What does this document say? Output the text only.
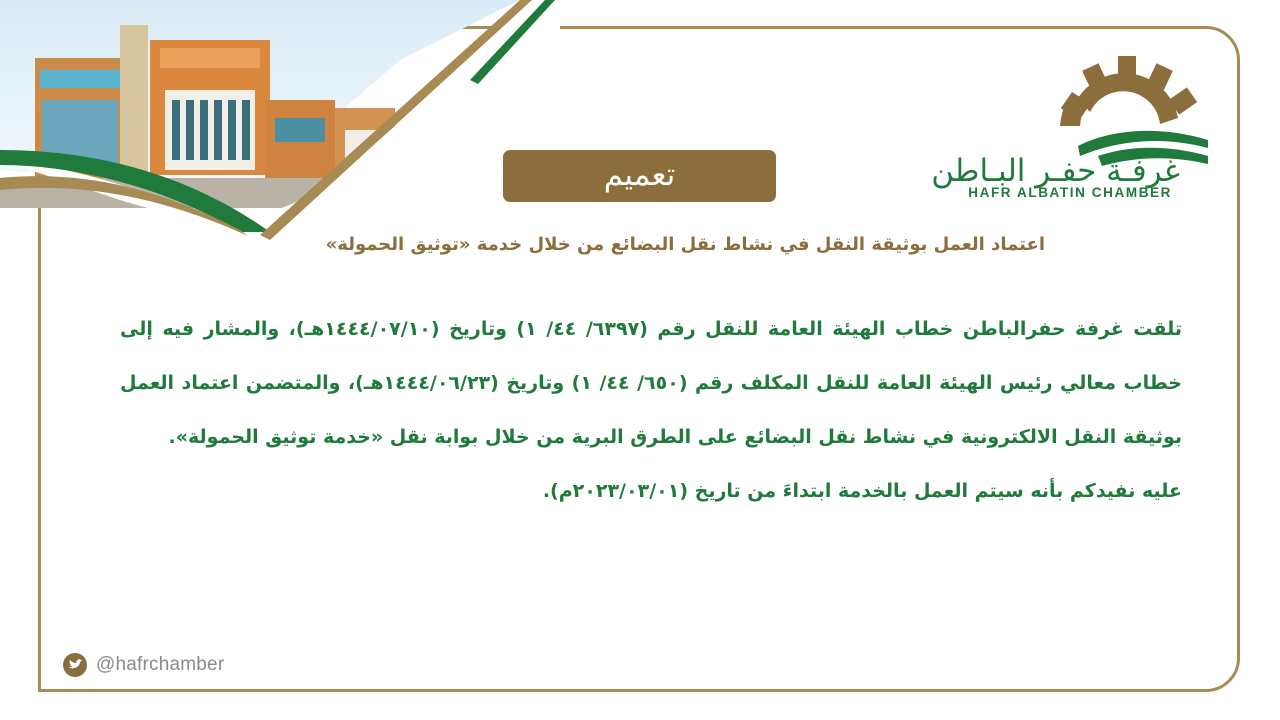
غرفـة حفـر البـاطن
HAFR ALBATIN CHAMBER
تعميم
اعتماد العمل بوثيقة النقل في نشاط نقل البضائع من خلال خدمة «توثيق الحمولة»

تلقت غرفة حفرالباطن خطاب الهيئة العامة للنقل رقم (٦٣٩٧/ ٤٤/ ١) وتاريخ (١٤٤٤/٠٧/١٠هـ)، والمشار فيه إلى خطاب معالي رئيس الهيئة العامة للنقل المكلف رقم (٦٥٠/ ٤٤/ ١) وتاريخ (١٤٤٤/٠٦/٢٣هـ)، والمتضمن اعتماد العمل بوثيقة النقل الالكترونية في نشاط نقل البضائع على الطرق البرية من خلال بوابة نقل «خدمة توثيق الحمولة».

عليه نفيدكم بأنه سيتم العمل بالخدمة ابتداءَ من تاريخ (٢٠٢٣/٠٣/٠١م).

@hafrchamber
